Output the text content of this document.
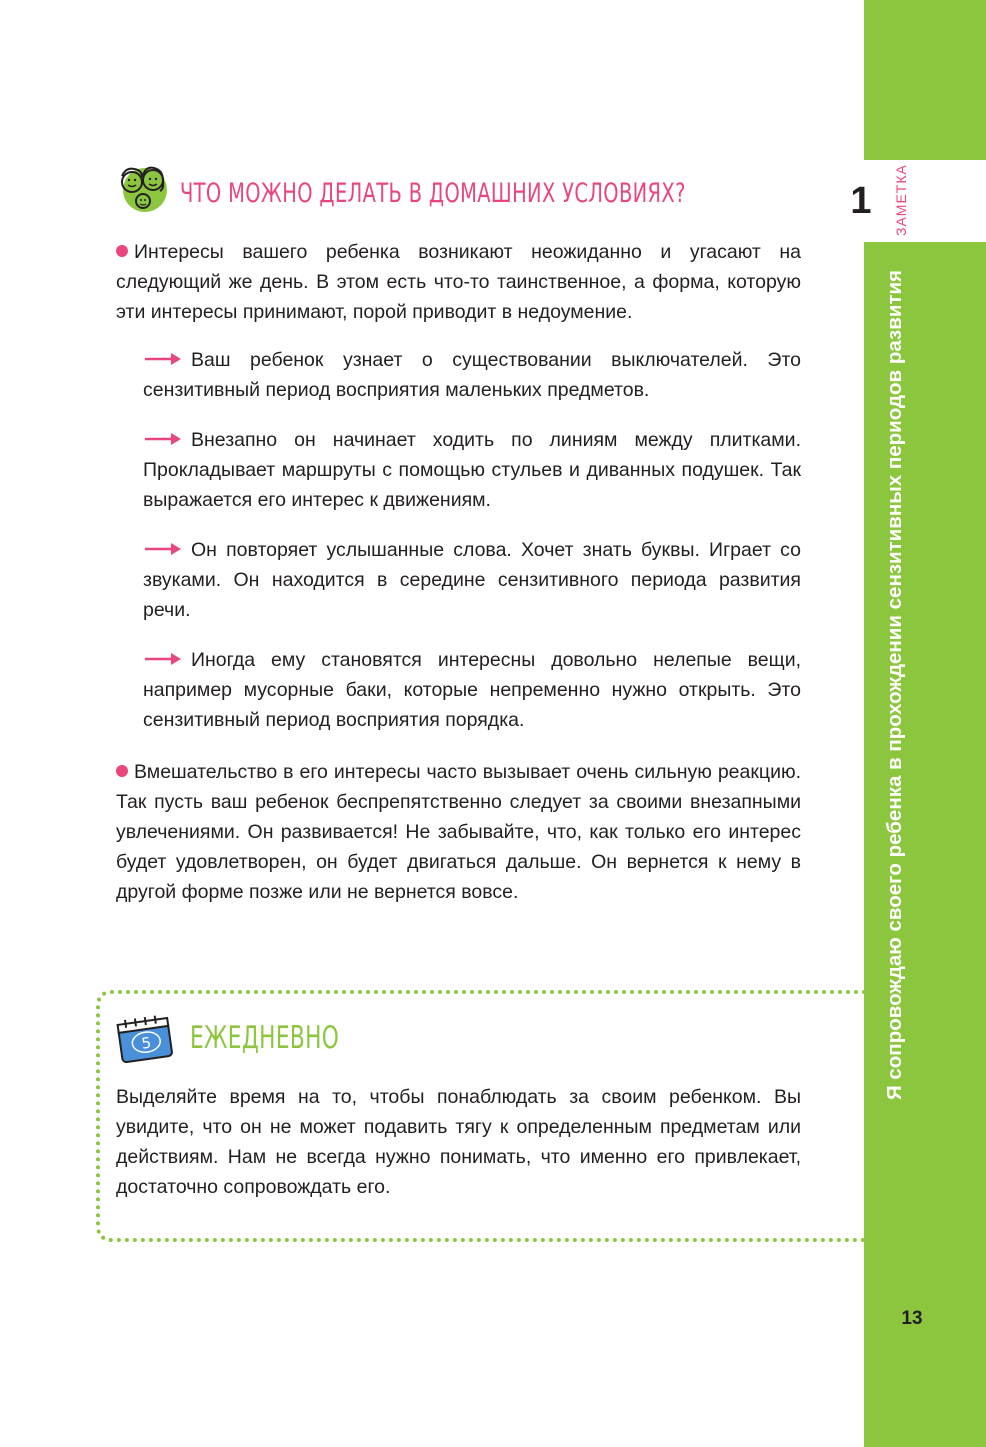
Я сопровождаю своего ребенка в прохождении сензитивных периодов развития
1	ЗАМЕТКА
13
ЧТО МОЖНО ДЕЛАТЬ В ДОМАШНИХ УСЛОВИЯХ?

Интересы вашего ребенка возникают неожиданно и угасают на следующий же день. В этом есть что-то таинственное, а форма, которую эти интересы принимают, порой приводит в недоумение.

Ваш ребенок узнает о существовании выключателей. Это сензитивный период восприятия маленьких предметов.

Внезапно он начинает ходить по линиям между плитками. Прокладывает маршруты с помощью стульев и диванных подушек. Так выражается его интерес к движениям.

Он повторяет услышанные слова. Хочет знать буквы. Играет со звуками. Он находится в середине сензитивного периода развития речи.

Иногда ему становятся интересны довольно нелепые вещи, например мусорные баки, которые непременно нужно открыть. Это сензитивный период восприятия порядка.

Вмешательство в его интересы часто вызывает очень сильную реакцию. Так пусть ваш ребенок беспрепятственно следует за своими внезапными увлечениями. Он развивается! Не забывайте, что, как только его интерес будет удовлетворен, он будет двигаться дальше. Он вернется к нему в другой форме позже или не вернется вовсе.

5 ЕЖЕДНЕВНО

Выделяйте время на то, чтобы понаблюдать за своим ребенком. Вы увидите, что он не может подавить тягу к определенным предметам или действиям. Нам не всегда нужно понимать, что именно его привлекает, достаточно сопровождать его.
